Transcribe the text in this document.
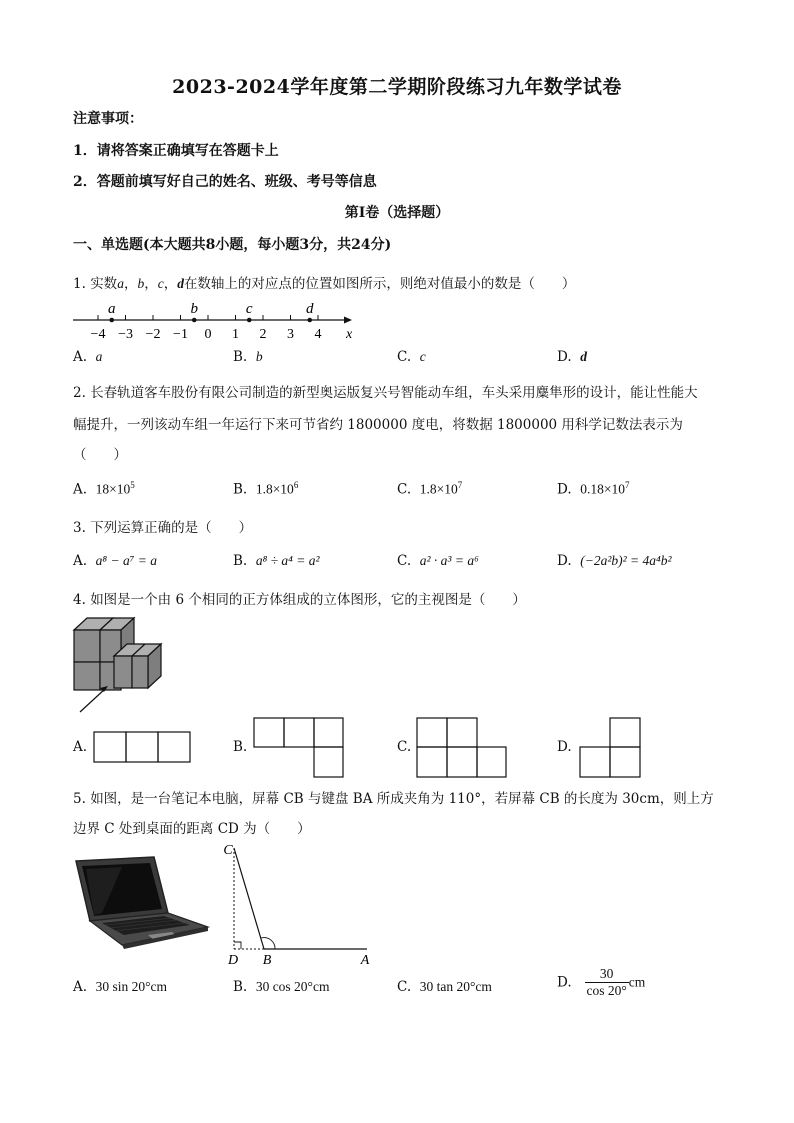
2023-2024学年度第二学期阶段练习九年数学试卷
注意事项：
1．请将答案正确填写在答题卡上
2．答题前填写好自己的姓名、班级、考号等信息
第Ⅰ卷（选择题）
一、单选题(本大题共8小题，每小题3分，共24分)
1. 实数a，b，c，d在数轴上的对应点的位置如图所示，则绝对值最小的数是（　　）
−4 −3 −2 −1 0 1 2 3 4 x
a	b	c	d
A. a	B. b	C. c	D. d
2. 长春轨道客车股份有限公司制造的新型奥运版复兴号智能动车组，车头采用麋隼形的设计，能让性能大
幅提升，一列该动车组一年运行下来可节省约 1800000 度电，将数据 1800000 用科学记数法表示为
（　　）
A. $18\times 10^5$	B. $1.8\times 10^6$	C. $1.8\times 10^7$	D. $0.18\times 10^7$
3. 下列运算正确的是（　　）
A. a⁸ − a⁷ = a	B. a⁸ ÷ a⁴ = a²	C. a² · a³ = a⁶	D. (−2a²b)² = 4a⁴b²
4. 如图是一个由 6 个相同的正方体组成的立体图形，它的主视图是（　　）
A.	B.	C.	D.
5. 如图，是一台笔记本电脑，屏幕 CB 与键盘 BA 所成夹角为 110°，若屏幕 CB 的长度为 30cm，则上方
边界 C 处到桌面的距离 CD 为（　　）
C
D B	A
A. 30 sin 20°cm	B. 30 cos 20°cm	C. 30 tan 20°cm	D. $\frac{30}{\cos 20^\circ}$ cm
